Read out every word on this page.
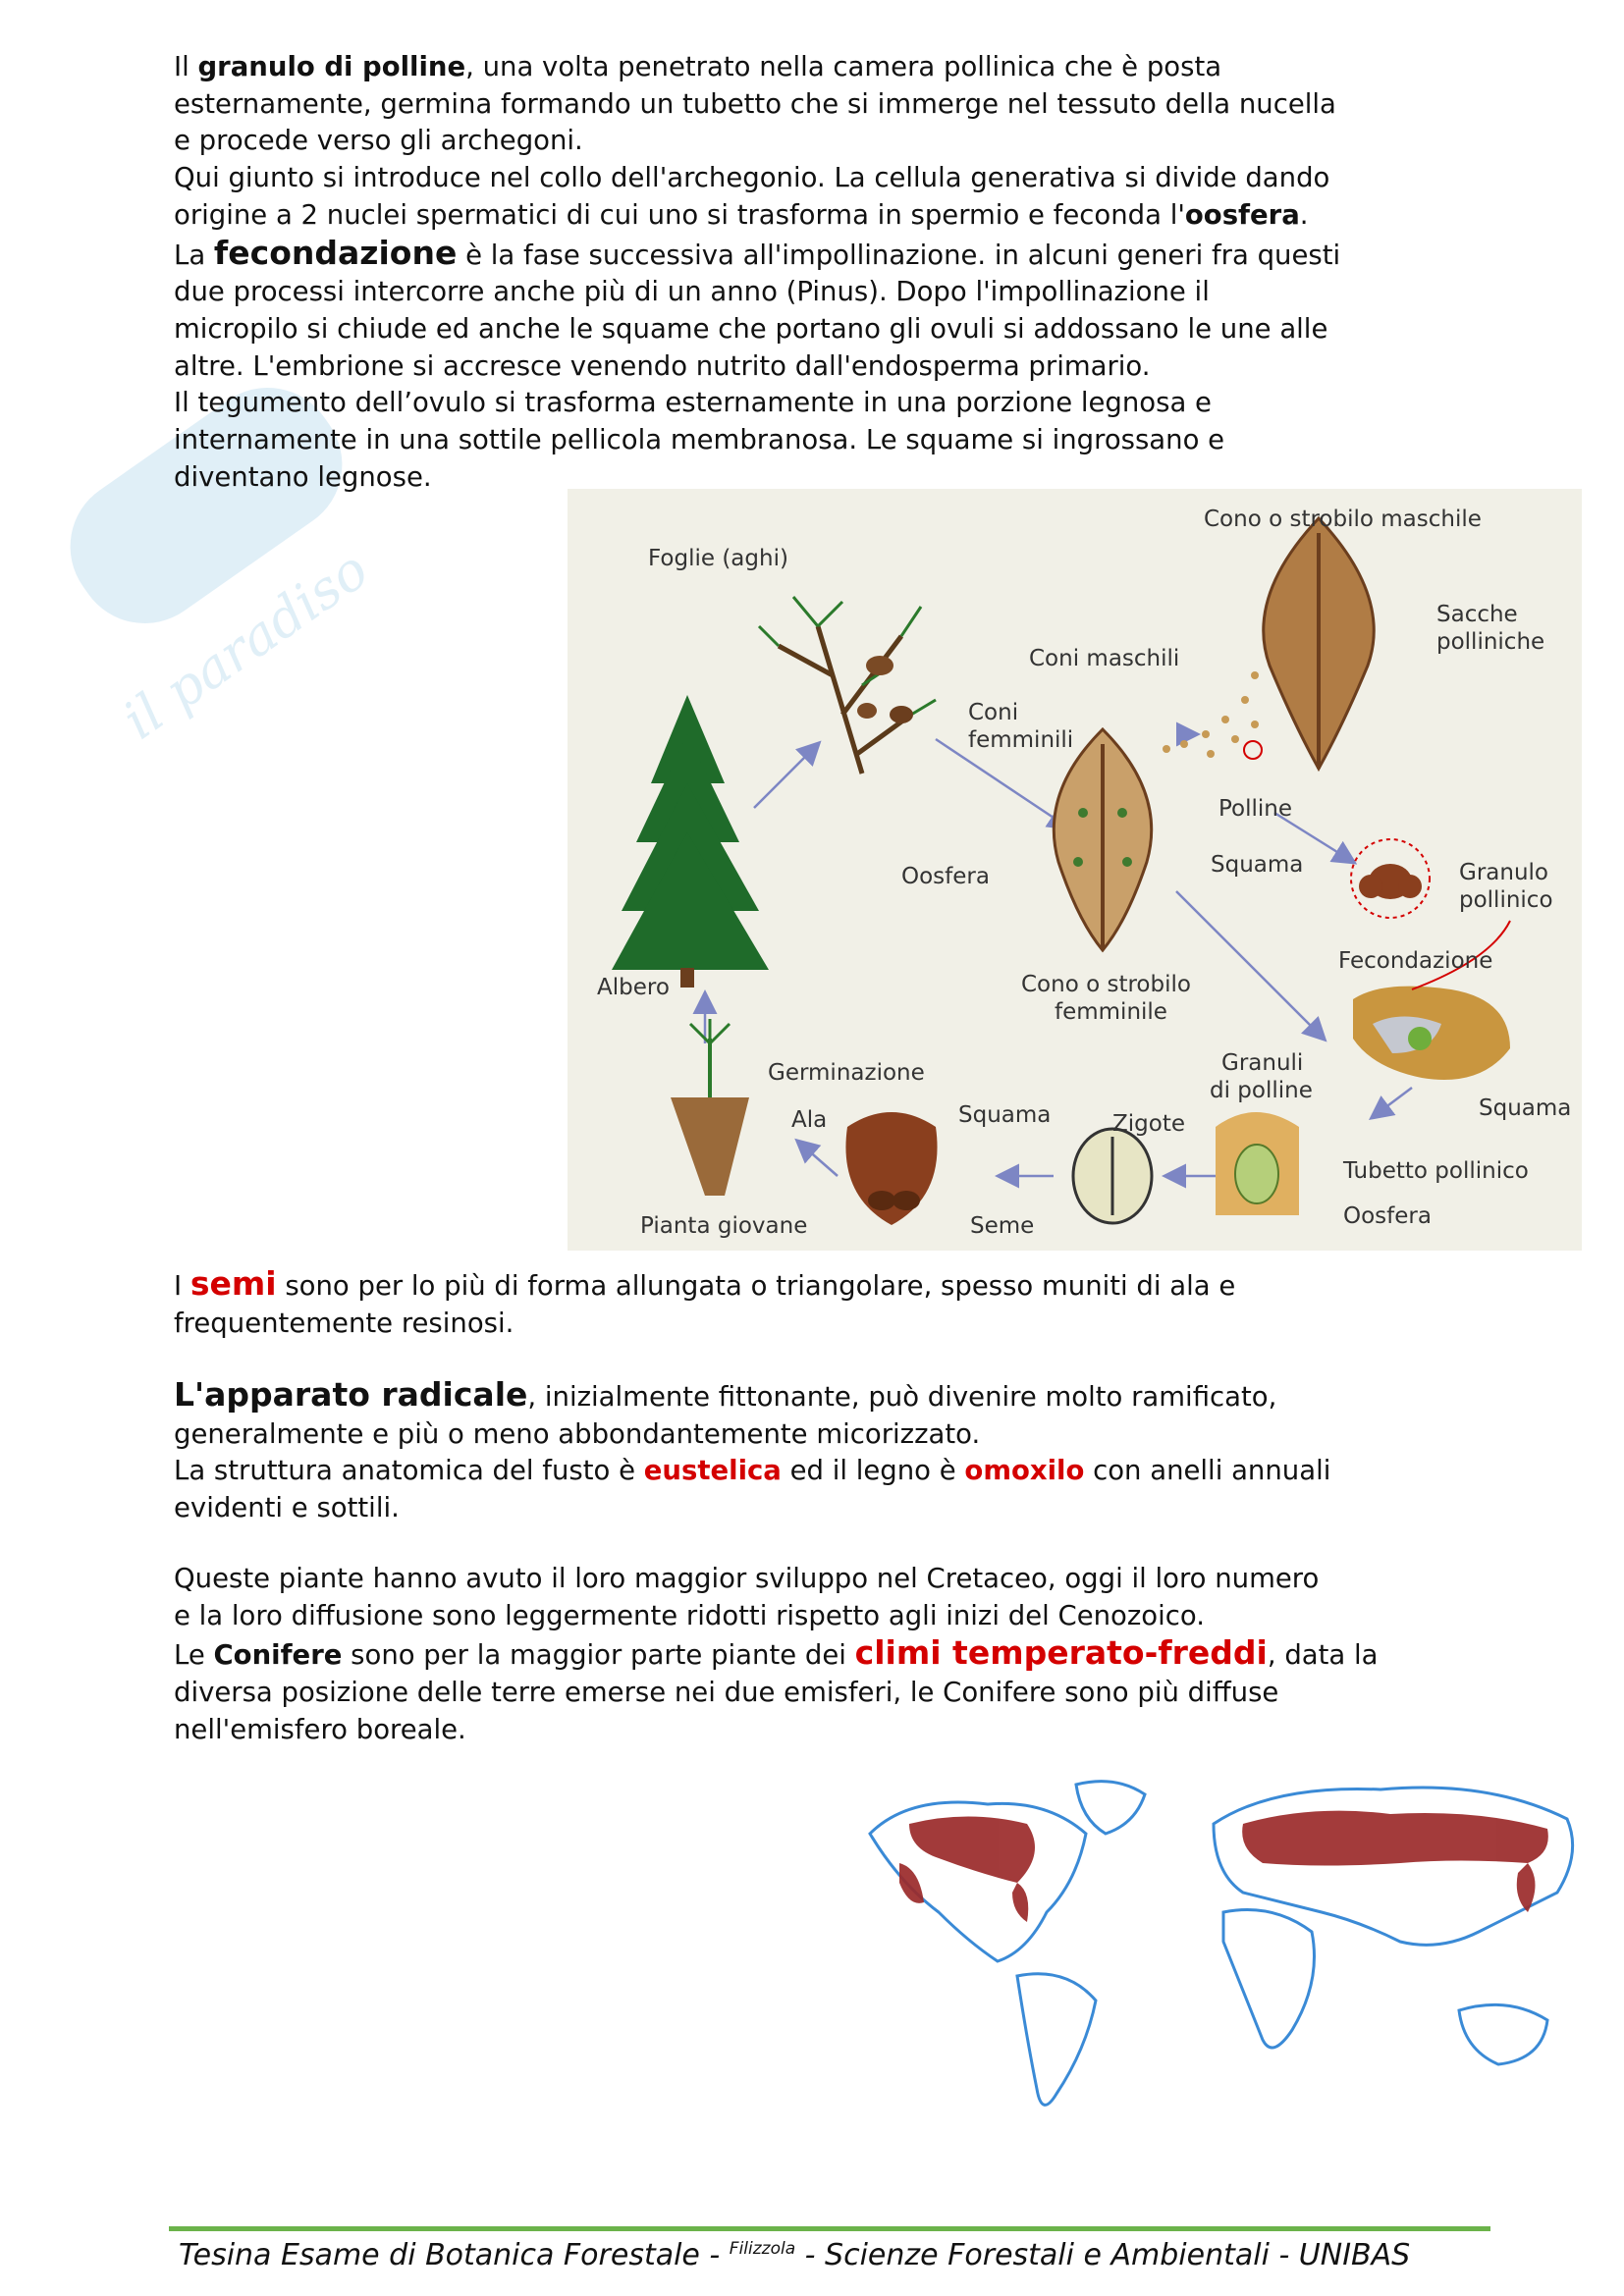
il paradiso
Il granulo di polline, una volta penetrato nella camera pollinica che è posta
esternamente, germina formando un tubetto che si immerge nel tessuto della nucella
e procede verso gli archegoni.
Qui giunto si introduce nel collo dell'archegonio. La cellula generativa si divide dando
origine a 2 nuclei spermatici di cui uno si trasforma in spermio e feconda l'oosfera.
La fecondazione è la fase successiva all'impollinazione. in alcuni generi fra questi
due processi intercorre anche più di un anno (Pinus). Dopo l'impollinazione il
micropilo si chiude ed anche le squame che portano gli ovuli si addossano le une alle
altre. L'embrione si accresce venendo nutrito dall'endosperma primario.
Il tegumento dell’ovulo si trasforma esternamente in una porzione legnosa e
internamente in una sottile pellicola membranosa. Le squame si ingrossano e
diventano legnose.
Cono o strobilo maschile
Foglie (aghi)
Sacche
polliniche
Coni maschili
Coni
femminili
Polline
Squama
Oosfera	Granulo
pollinico
Fecondazione
Albero	Cono o strobilo
femminile
Granuli
di polline
Squama
Germinazione
Ala	Squama	Zigote
Tubetto pollinico
Pianta giovane	Seme	Oosfera
I semi sono per lo più di forma allungata o triangolare, spesso muniti di ala e
frequentemente resinosi.
L'apparato radicale, inizialmente fittonante, può divenire molto ramificato,
generalmente e più o meno abbondantemente micorizzato.
La struttura anatomica del fusto è eustelica ed il legno è omoxilo con anelli annuali
evidenti e sottili.
Queste piante hanno avuto il loro maggior sviluppo nel Cretaceo, oggi il loro numero
e la loro diffusione sono leggermente ridotti rispetto agli inizi del Cenozoico.
Le Conifere sono per la maggior parte piante dei climi temperato-freddi, data la
diversa posizione delle terre emerse nei due emisferi, le Conifere sono più diffuse
nell'emisfero boreale.
Tesina Esame di Botanica Forestale - $^{Filizzola}$ - Scienze Forestali e Ambientali - UNIBAS
